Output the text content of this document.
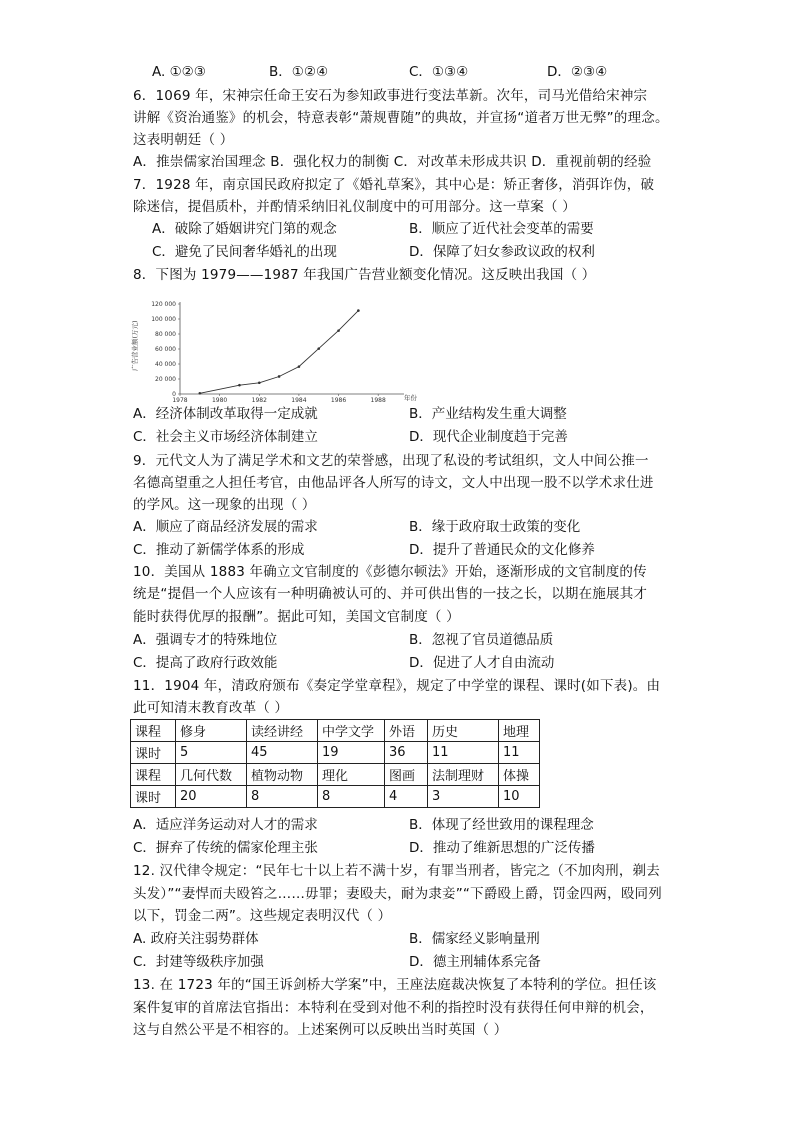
A. ①②③	B．①②④	C．①③④	D．②③④
6．1069 年，宋神宗任命王安石为参知政事进行变法革新。次年，司马光借给宋神宗
讲解《资治通鉴》的机会，特意表彰“萧规曹随”的典故，并宣扬“道者万世无弊”的理念。
这表明朝廷（ ）
A．推崇儒家治国理念 B．强化权力的制衡 C．对改革未形成共识 D．重视前朝的经验
7．1928 年，南京国民政府拟定了《婚礼草案》，其中心是：矫正奢侈，消弭诈伪，破
除迷信，提倡质朴，并酌情采纳旧礼仪制度中的可用部分。这一草案（ ）
A．破除了婚姻讲究门第的观念	B．顺应了近代社会变革的需要
C．避免了民间奢华婚礼的出现	D．保障了妇女参政议政的权利
8．下图为 1979——1987 年我国广告营业额变化情况。这反映出我国（ ）
0
20 000
40 000
60 000
80 000
100 000
120 000
1978	1980	1982	1984	1986	1988
广告营业额(万元)
年份
A．经济体制改革取得一定成就	B．产业结构发生重大调整
C．社会主义市场经济体制建立	D．现代企业制度趋于完善
9．元代文人为了满足学术和文艺的荣誉感，出现了私设的考试组织，文人中间公推一
名德高望重之人担任考官，由他品评各人所写的诗文，文人中出现一股不以学术求仕进
的学风。这一现象的出现（ ）
A．顺应了商品经济发展的需求	B．缘于政府取士政策的变化
C．推动了新儒学体系的形成	D．提升了普通民众的文化修养
10．美国从 1883 年确立文官制度的《彭德尔顿法》开始，逐渐形成的文官制度的传
统是“提倡一个人应该有一种明确被认可的、并可供出售的一技之长，以期在施展其才
能时获得优厚的报酬”。据此可知，美国文官制度（ ）
A．强调专才的特殊地位	B．忽视了官员道德品质
C．提高了政府行政效能	D．促进了人才自由流动
11．1904 年，清政府颁布《奏定学堂章程》，规定了中学堂的课程、课时(如下表)。由
此可知清末教育改革（ ）
课程	修身	读经讲经	中学文学	外语	历史	地理
课时	5	45	19	36	11	11
课程	几何代数	植物动物	理化	图画	法制理财	体操
课时	20	8	8	4	3	10
A．适应洋务运动对人才的需求	B．体现了经世致用的课程理念
C．摒弃了传统的儒家伦理主张	D．推动了维新思想的广泛传播
12. 汉代律令规定：“民年七十以上若不满十岁，有罪当刑者，皆完之（不加肉刑，剃去
头发）”“妻悍而夫殴笞之……毋罪；妻殴夫，耐为隶妾”“下爵殴上爵，罚金四两，殴同列
以下，罚金二两”。这些规定表明汉代（ ）
A. 政府关注弱势群体	B．儒家经义影响量刑
C．封建等级秩序加强	D．德主刑辅体系完备
13. 在 1723 年的“国王诉剑桥大学案”中，王座法庭裁决恢复了本特利的学位。担任该
案件复审的首席法官指出：本特利在受到对他不利的指控时没有获得任何申辩的机会，
这与自然公平是不相容的。上述案例可以反映出当时英国（ ）
